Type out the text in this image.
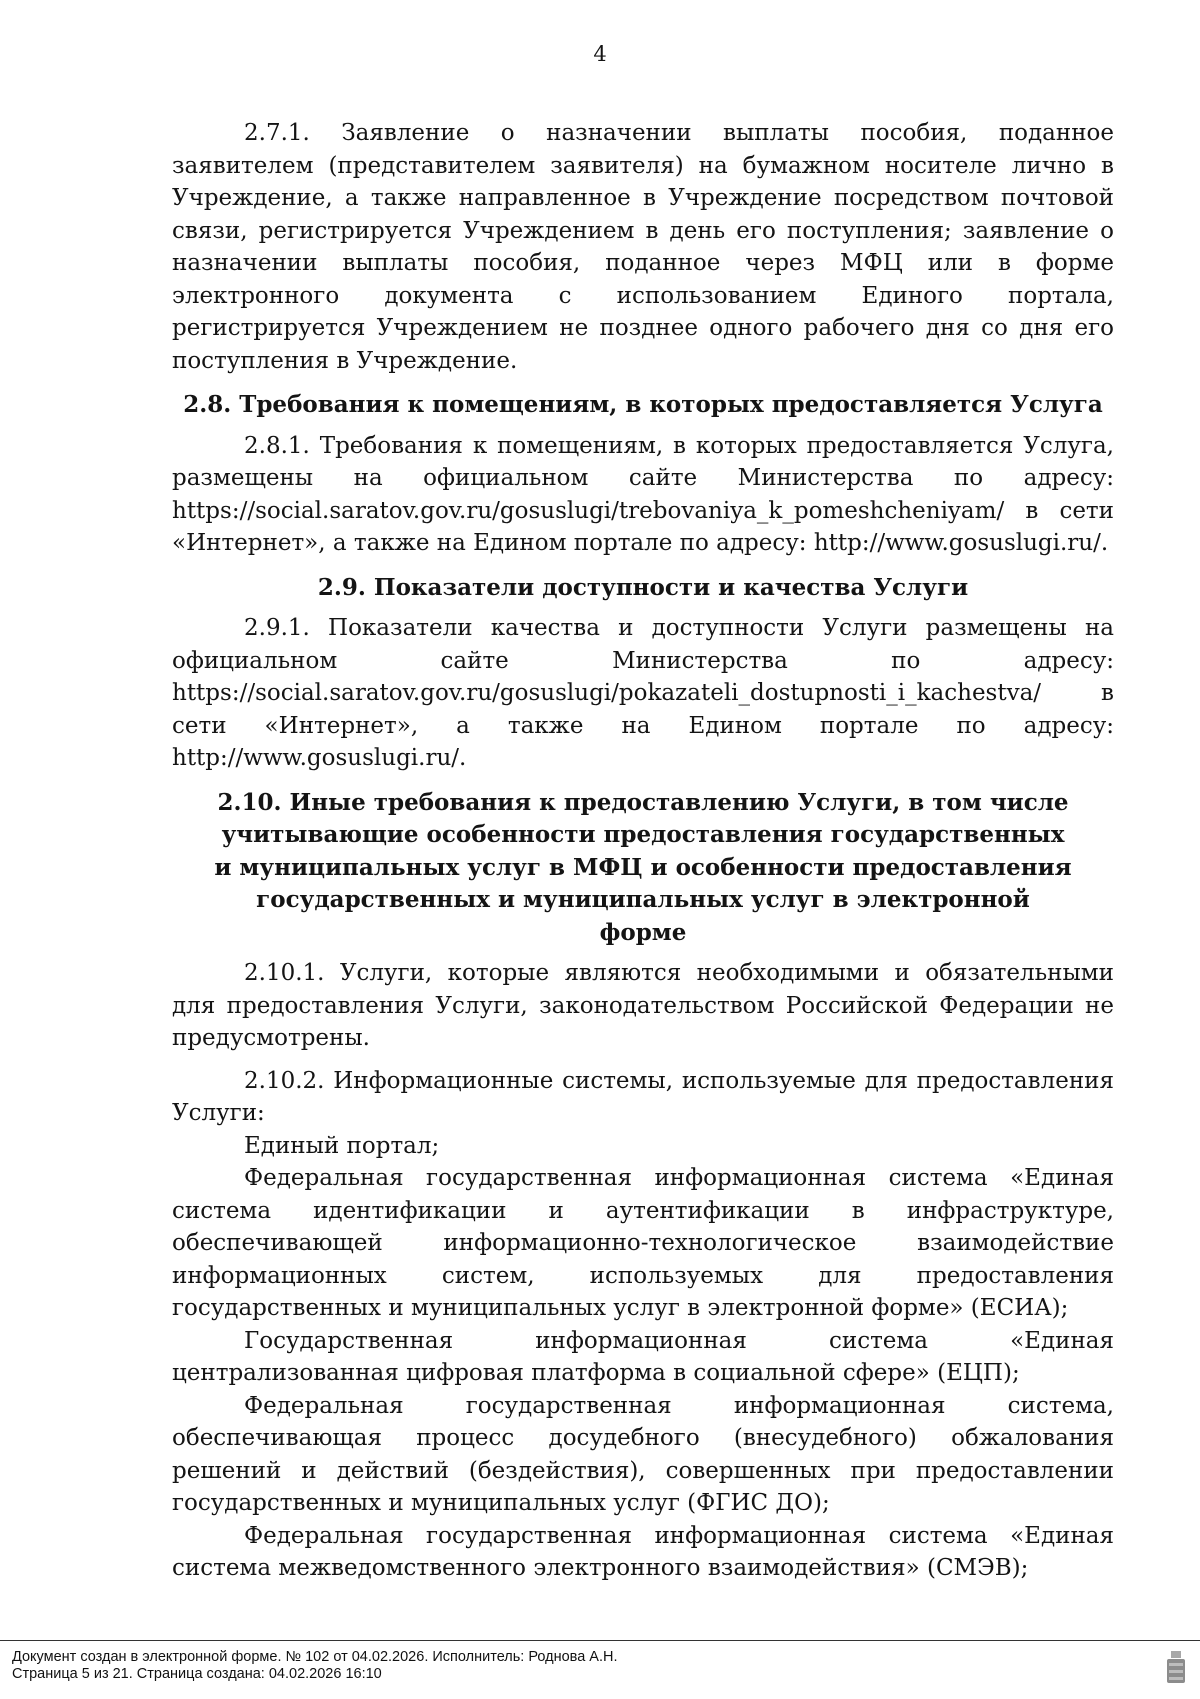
4

2.7.1. Заявление о назначении выплаты пособия, поданное заявителем (представителем заявителя) на бумажном носителе лично в Учреждение, а также направленное в Учреждение посредством почтовой связи, регистрируется Учреждением в день его поступления; заявление о назначении выплаты пособия, поданное через МФЦ или в форме электронного документа с использованием Единого портала, регистрируется Учреждением не позднее одного рабочего дня со дня его поступления в Учреждение.

2.8. Требования к помещениям, в которых предоставляется Услуга

2.8.1. Требования к помещениям, в которых предоставляется Услуга, размещены на официальном сайте Министерства по адресу: https://social.saratov.gov.ru/gosuslugi/trebovaniya_k_pomeshcheniyam/ в сети «Интернет», а также на Едином портале по адресу: http://www.gosuslugi.ru/.

2.9. Показатели доступности и качества Услуги

2.9.1. Показатели качества и доступности Услуги размещены на официальном сайте Министерства по адресу: https://social.saratov.gov.ru/gosuslugi/pokazateli_dostupnosti_i_kachestva/ в сети «Интернет», а также на Едином портале по адресу: http://www.gosuslugi.ru/.

2.10. Иные требования к предоставлению Услуги, в том числе учитывающие особенности предоставления государственных и муниципальных услуг в МФЦ и особенности предоставления государственных и муниципальных услуг в электронной форме

2.10.1. Услуги, которые являются необходимыми и обязательными для предоставления Услуги, законодательством Российской Федерации не предусмотрены.

2.10.2. Информационные системы, используемые для предоставления Услуги:

Единый портал;

Федеральная государственная информационная система «Единая система идентификации и аутентификации в инфраструктуре, обеспечивающей информационно-технологическое взаимодействие информационных систем, используемых для предоставления государственных и муниципальных услуг в электронной форме» (ЕСИА);

Государственная информационная система «Единая централизованная цифровая платформа в социальной сфере» (ЕЦП);

Федеральная государственная информационная система, обеспечивающая процесс досудебного (внесудебного) обжалования решений и действий (бездействия), совершенных при предоставлении государственных и муниципальных услуг (ФГИС ДО);

Федеральная государственная информационная система «Единая система межведомственного электронного взаимодействия» (СМЭВ);

Документ создан в электронной форме. № 102 от 04.02.2026. Исполнитель: Роднова А.Н.
Страница 5 из 21. Страница создана: 04.02.2026 16:10
